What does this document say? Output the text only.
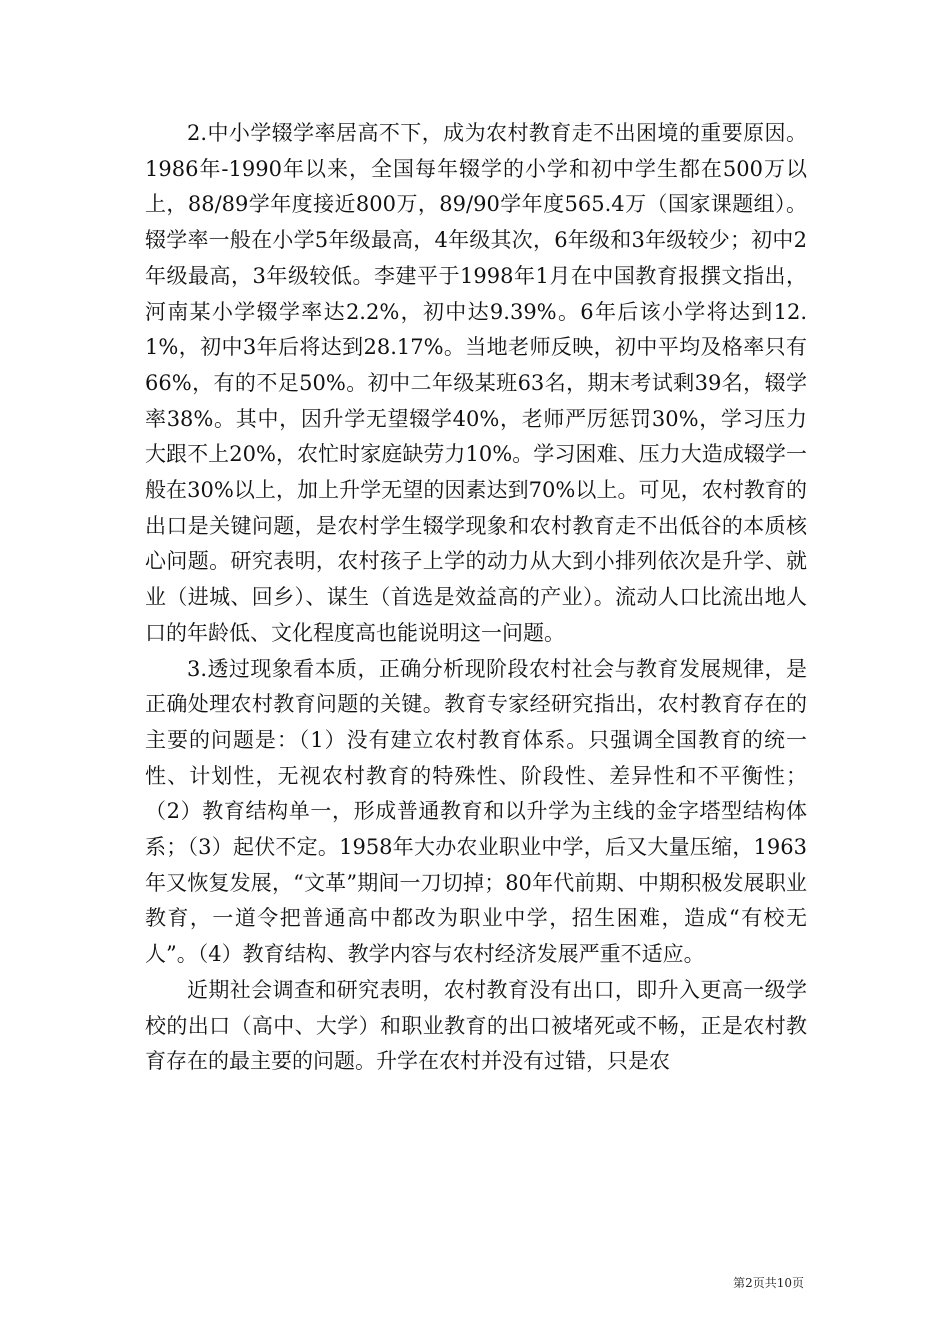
2.中小学辍学率居高不下，成为农村教育走不出困境的重要原因。1986年-1990年以来，全国每年辍学的小学和初中学生都在500万以上，88/89学年度接近800万，89/90学年度565.4万（国家课题组）。辍学率一般在小学5年级最高，4年级其次，6年级和3年级较少；初中2年级最高，3年级较低。李建平于1998年1月在中国教育报撰文指出，河南某小学辍学率达2.2%，初中达9.39%。6年后该小学将达到12.1%，初中3年后将达到28.17%。当地老师反映，初中平均及格率只有66%，有的不足50%。初中二年级某班63名，期末考试剩39名，辍学率38%。其中，因升学无望辍学40%，老师严厉惩罚30%，学习压力大跟不上20%，农忙时家庭缺劳力10%。学习困难、压力大造成辍学一般在30%以上，加上升学无望的因素达到70%以上。可见，农村教育的出口是关键问题，是农村学生辍学现象和农村教育走不出低谷的本质核心问题。研究表明，农村孩子上学的动力从大到小排列依次是升学、就业（进城、回乡）、谋生（首选是效益高的产业）。流动人口比流出地人口的年龄低、文化程度高也能说明这一问题。

3.透过现象看本质，正确分析现阶段农村社会与教育发展规律，是正确处理农村教育问题的关键。教育专家经研究指出，农村教育存在的主要的问题是：（1）没有建立农村教育体系。只强调全国教育的统一性、计划性，无视农村教育的特殊性、阶段性、差异性和不平衡性；（2）教育结构单一，形成普通教育和以升学为主线的金字塔型结构体系；（3）起伏不定。1958年大办农业职业中学，后又大量压缩，1963年又恢复发展，“文革”期间一刀切掉；80年代前期、中期积极发展职业教育，一道令把普通高中都改为职业中学，招生困难，造成“有校无人”。（4）教育结构、教学内容与农村经济发展严重不适应。

近期社会调查和研究表明，农村教育没有出口，即升入更高一级学校的出口（高中、大学）和职业教育的出口被堵死或不畅，正是农村教育存在的最主要的问题。升学在农村并没有过错，只是农

第2页共10页
